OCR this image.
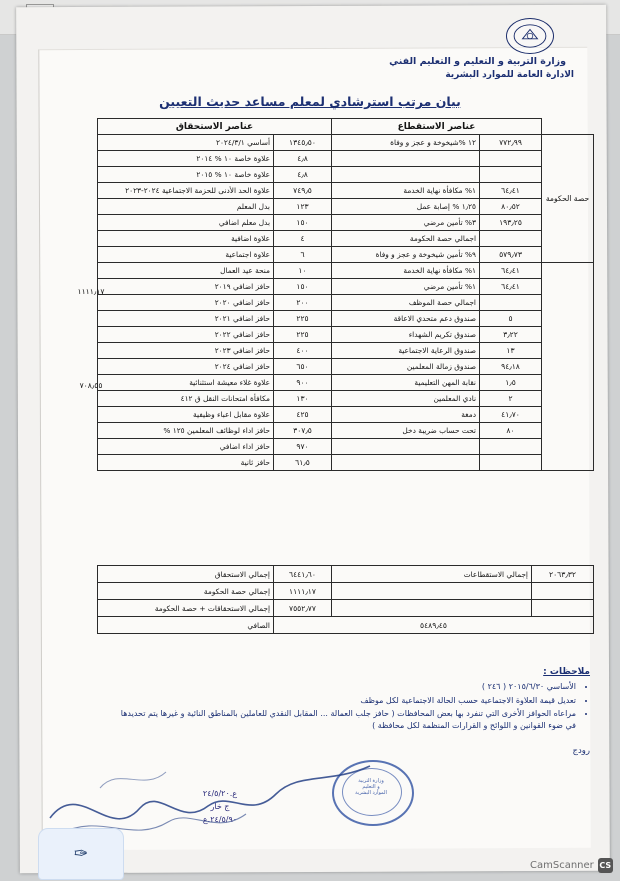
وزارة التربية و التعليم و التعليم الفني
الادارة العامة للموارد البشرية
بيان مرتب استرشادي لمعلم مساعد حديث التعيين
	عناصر الاستقطاع		عناصر الاستحقاق	
حصة الحكومة	٧٧٢٫٩٩	١٢ %شيخوخة و عجز و وفاة	١٣٤٥٫٥٠	أساسي ٢٠٢٤/٣/١
			٤٫٨	علاوة خاصة ١٠ % ٢٠١٤
			٤٫٨	علاوة خاصة ١٠ % ٢٠١٥
	٦٤٫٤١	١% مكافأة نهاية الخدمة	٧٤٩٫٥	علاوة الحد الأدنى للحزمة الاجتماعية ٢٠٢٤-٢٠٢٣
	٨٠٫٥٢	١٫٢٥ % إصابة عمل	١٢٣	بدل المعلم
	١٩٣٫٢٥	٣% تأمين مرضي	١٥٠	بدل معلم اضافي
		اجمالي حصة الحكومة	٤	علاوة اضافية
	٥٧٩٫٧٣	٩% تأمين شيخوخة و عجز و وفاة	٦	علاوة اجتماعية
	٦٤٫٤١	١% مكافأة نهاية الخدمة	١٠	منحة عيد العمال
	٦٤٫٤١	١% تأمين مرضي	١٥٠	حافز اضافي ٢٠١٩
		اجمالي حصة الموظف	٢٠٠	حافز اضافي ٢٠٢٠
	٥	صندوق دعم متحدي الاعاقة	٢٢٥	حافز اضافي ٢٠٢١
	٣٫٢٢	صندوق تكريم الشهداء	٢٢٥	حافز اضافي ٢٠٢٢
	١٣	صندوق الرعاية الاجتماعية	٤٠٠	حافز اضافي ٢٠٢٣
	٩٤٫١٨	صندوق زمالة المعلمين	٦٥٠	حافز اضافي ٢٠٢٤
	١٫٥	نقابة المهن التعليمية	٩٠٠	علاوة غلاء معيشة استثنائية
	٢	نادي المعلمين	١٣٠	مكافأة امتحانات النقل ق ٤١٢
	٤١٫٧٠	دمغة	٤٢٥	علاوة مقابل اعباء وظيفية
	٨٠	تحت حساب ضريبة دخل	٣٠٧٫٥	حافز اداء لوظائف المعلمين ١٢٥ %
			٩٧٠	حافز اداء اضافي
			٦١٫٥	حافز ثانية
٢٠٦٣٫٣٢	إجمالي الاستقطاعات	٦٤٤١٫٦٠	إجمالي الاستحقاق
		١١١١٫١٧	إجمالي حصة الحكومة
		٧٥٥٢٫٧٧	إجمالي الاستحقاقات + حصة الحكومة
٥٤٨٩٫٤٥			الصافي
ملاحظات :
• الأساسي ٢٠١٥/٦/٣٠ ( ٢٤٦ )
• تعديل قيمة العلاوة الاجتماعية حسب الحالة الاجتماعية لكل موظف
• مراعاه الحوافز الأخرى التي تنفرد بها بعض المحافظات ( حافز جلب العمالة ... المقابل النقدي للعاملين بالمناطق النائية و غيرها يتم تحديدها في ضوء القوانين و اللوائح و القرارات المنظمة لكل محافظة )
رودج
وزارة التربية
و التعليم
الموارد البشرية
ع.٢٤/٥/٢٠
ج خار
٢٤/٥/٩٠.ع
✑
CS
CamScanner
١١١١٫١٧
٧٠٨٫٥٥
